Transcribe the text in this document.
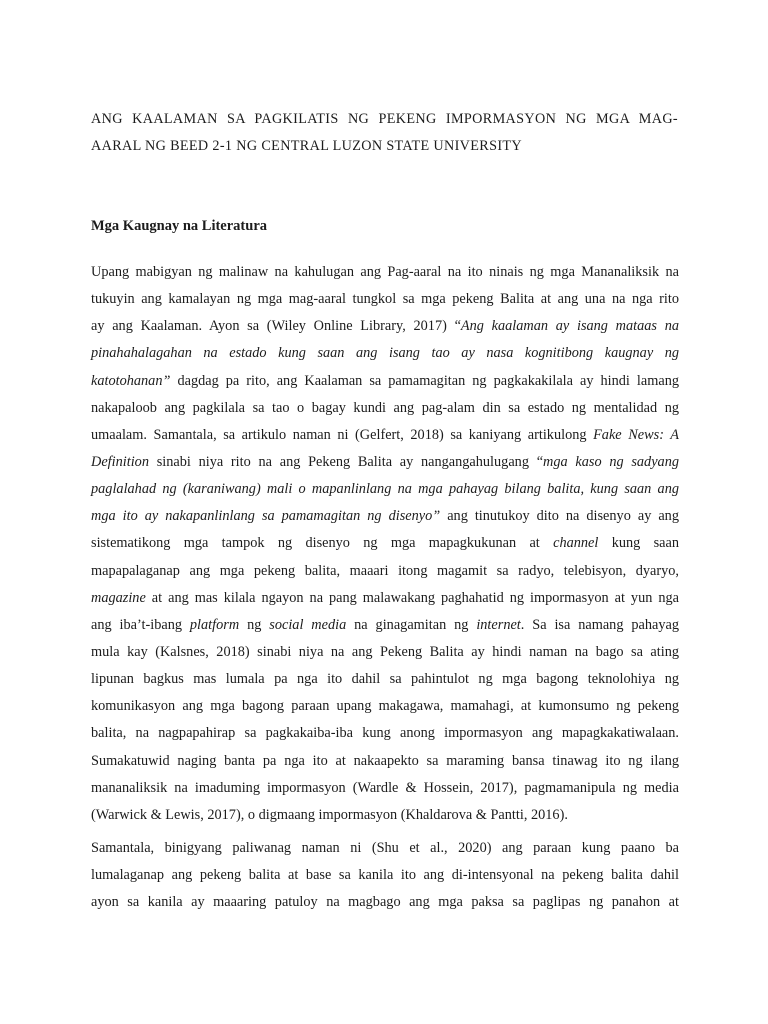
ANG KAALAMAN SA PAGKILATIS NG PEKENG IMPORMASYON NG MGA MAG-
AARAL NG BEED 2-1 NG CENTRAL LUZON STATE UNIVERSITY
Mga Kaugnay na Literatura
Upang mabigyan ng malinaw na kahulugan ang Pag-aaral na ito ninais ng mga Mananaliksik na
tukuyin ang kamalayan ng mga mag-aaral tungkol sa mga pekeng Balita at ang una na nga rito
ay ang Kaalaman. Ayon sa (Wiley Online Library, 2017) “Ang kaalaman ay isang mataas na
pinahahalagahan na estado kung saan ang isang tao ay nasa kognitibong kaugnay ng
katotohanan” dagdag pa rito, ang Kaalaman sa pamamagitan ng pagkakakilala ay hindi lamang
nakapaloob ang pagkilala sa tao o bagay kundi ang pag-alam din sa estado ng mentalidad ng
umaalam. Samantala, sa artikulo naman ni (Gelfert, 2018) sa kaniyang artikulong Fake News: A
Definition sinabi niya rito na ang Pekeng Balita ay nangangahulugang “mga kaso ng sadyang
paglalahad ng (karaniwang) mali o mapanlinlang na mga pahayag bilang balita, kung saan ang
mga ito ay nakapanlinlang sa pamamagitan ng disenyo” ang tinutukoy dito na disenyo ay ang
sistematikong mga tampok ng disenyo ng mga mapagkukunan at channel kung saan
mapapalaganap ang mga pekeng balita, maaari itong magamit sa radyo, telebisyon, dyaryo,
magazine at ang mas kilala ngayon na pang malawakang paghahatid ng impormasyon at yun nga
ang iba’t-ibang platform ng social media na ginagamitan ng internet. Sa isa namang pahayag
mula kay (Kalsnes, 2018) sinabi niya na ang Pekeng Balita ay hindi naman na bago sa ating
lipunan bagkus mas lumala pa nga ito dahil sa pahintulot ng mga bagong teknolohiya ng
komunikasyon ang mga bagong paraan upang makagawa, mamahagi, at kumonsumo ng pekeng
balita, na nagpapahirap sa pagkakaiba-iba kung anong impormasyon ang mapagkakatiwalaan.
Sumakatuwid naging banta pa nga ito at nakaapekto sa maraming bansa tinawag ito ng ilang
mananaliksik na imaduming impormasyon (Wardle & Hossein, 2017), pagmamanipula ng media
(Warwick & Lewis, 2017), o digmaang impormasyon (Khaldarova & Pantti, 2016).
Samantala, binigyang paliwanag naman ni (Shu et al., 2020) ang paraan kung paano ba
lumalaganap ang pekeng balita at base sa kanila ito ang di-intensyonal na pekeng balita dahil
ayon sa kanila ay maaaring patuloy na magbago ang mga paksa sa paglipas ng panahon at
